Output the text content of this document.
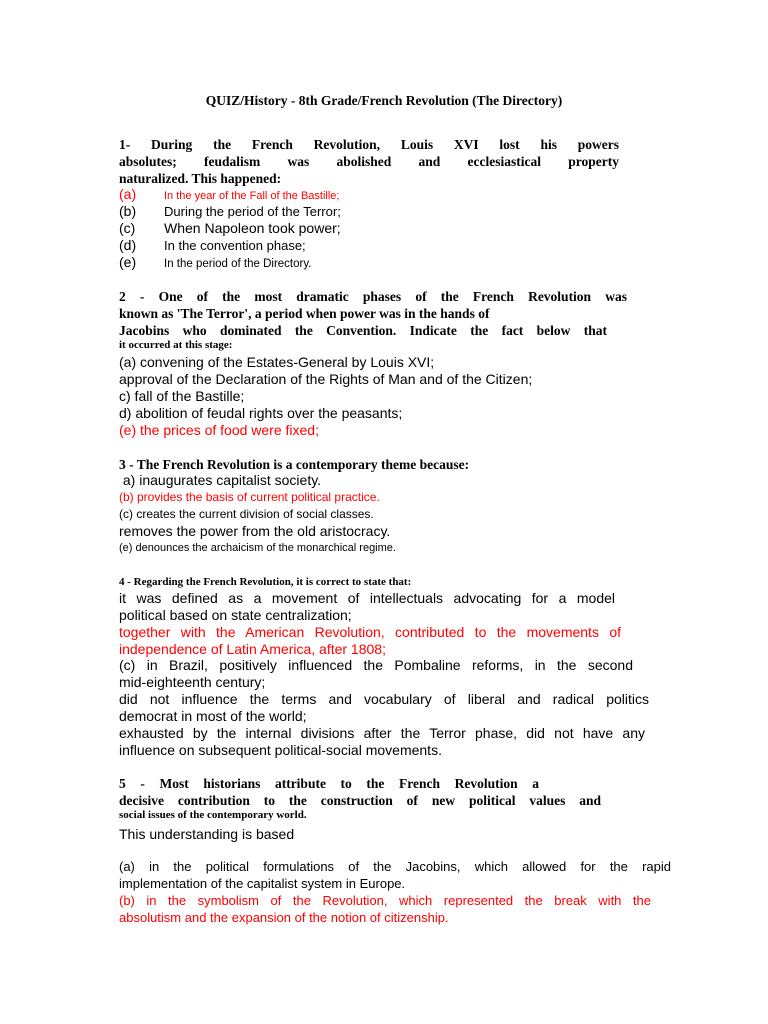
QUIZ/History - 8th Grade/French Revolution (The Directory)
1- During the French Revolution, Louis XVI lost his powers
absolutes; feudalism was abolished and ecclesiastical property
naturalized. This happened:
(a)	In the year of the Fall of the Bastille;
(b) During the period of the Terror;
(c) When Napoleon took power;
(d) In the convention phase;
(e) In the period of the Directory.
2 - One of the most dramatic phases of the French Revolution was
known as 'The Terror', a period when power was in the hands of
Jacobins who dominated the Convention. Indicate the fact below that
it occurred at this stage:
(a) convening of the Estates-General by Louis XVI;
approval of the Declaration of the Rights of Man and of the Citizen;
c) fall of the Bastille;
d) abolition of feudal rights over the peasants;
(e) the prices of food were fixed;
3 - The French Revolution is a contemporary theme because:
a) inaugurates capitalist society.
(b) provides the basis of current political practice.
(c) creates the current division of social classes.
removes the power from the old aristocracy.
(e) denounces the archaicism of the monarchical regime.
4 - Regarding the French Revolution, it is correct to state that:
it was defined as a movement of intellectuals advocating for a model
political based on state centralization;
together with the American Revolution, contributed to the movements of
independence of Latin America, after 1808;
(c) in Brazil, positively influenced the Pombaline reforms, in the second
mid-eighteenth century;
did not influence the terms and vocabulary of liberal and radical politics
democrat in most of the world;
exhausted by the internal divisions after the Terror phase, did not have any
influence on subsequent political-social movements.
5 - Most historians attribute to the French Revolution a
decisive contribution to the construction of new political values and
social issues of the contemporary world.
This understanding is based
(a) in the political formulations of the Jacobins, which allowed for the rapid
implementation of the capitalist system in Europe.
(b) in the symbolism of the Revolution, which represented the break with the
absolutism and the expansion of the notion of citizenship.
